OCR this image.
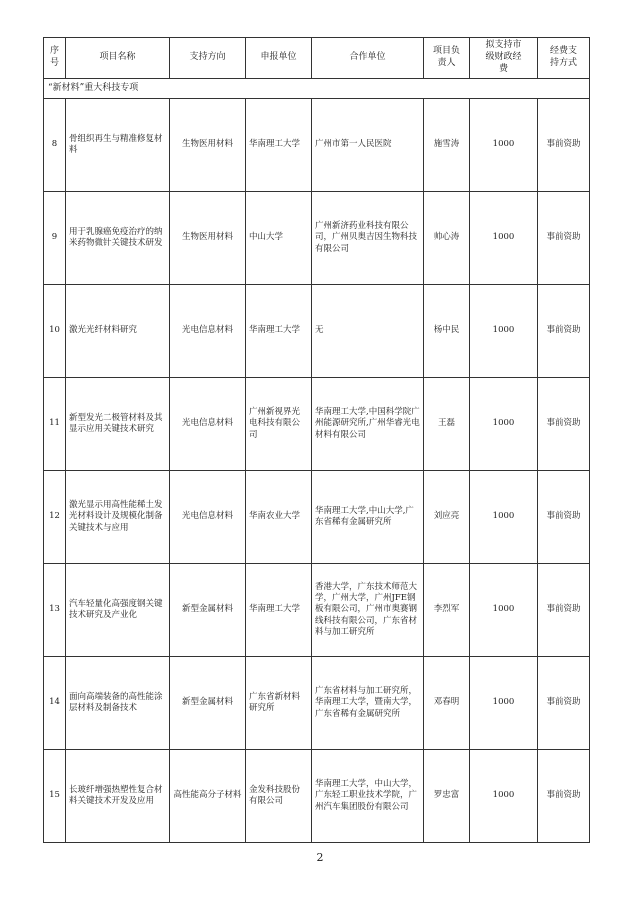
序号	项目名称	支持方向	申报单位	合作单位	项目负责人	拟支持市级财政经费	经费支持方式
“新材料”重大科技专项							
8	骨组织再生与精准修复材料	生物医用材料	华南理工大学	广州市第一人民医院	施雪涛	1000	事前资助
9	用于乳腺癌免疫治疗的纳米药物微针关键技术研发	生物医用材料	中山大学	广州新济药业科技有限公司，广州贝奥吉因生物科技有限公司	帅心涛	1000	事前资助
10	激光光纤材料研究	光电信息材料	华南理工大学	无	杨中民	1000	事前资助
11	新型发光二极管材料及其显示应用关键技术研究	光电信息材料	广州新视界光电科技有限公司	华南理工大学,中国科学院广州能源研究所,广州华睿光电材料有限公司	王磊	1000	事前资助
12	激光显示用高性能稀土发光材料设计及规模化制备关键技术与应用	光电信息材料	华南农业大学	华南理工大学,中山大学,广东省稀有金属研究所	刘应亮	1000	事前资助
13	汽车轻量化高强度钢关键技术研究及产业化	新型金属材料	华南理工大学	香港大学，广东技术师范大学，广州大学，广州JFE钢板有限公司，广州市奥赛钢线科技有限公司，广东省材料与加工研究所	李烈军	1000	事前资助
14	面向高端装备的高性能涂层材料及制备技术	新型金属材料	广东省新材料研究所	广东省材料与加工研究所，华南理工大学，暨南大学，广东省稀有金属研究所	邓春明	1000	事前资助
15	长玻纤增强热塑性复合材料关键技术开发及应用	高性能高分子材料	金发科技股份有限公司	华南理工大学，中山大学，广东轻工职业技术学院，广州汽车集团股份有限公司	罗忠富	1000	事前资助
2
